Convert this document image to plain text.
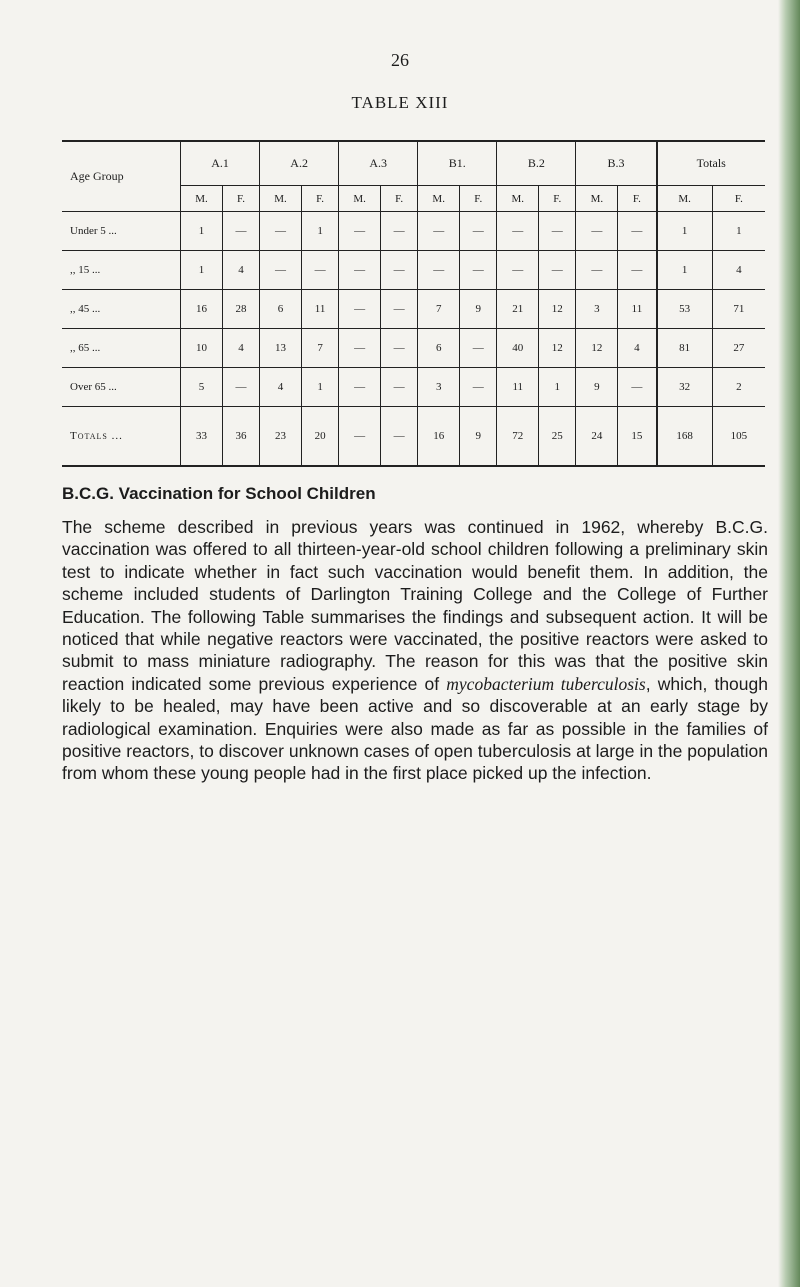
26
TABLE XIII
Age Group	A.1		A.2		A.3		B1.		B.2		B.3		Totals	
	M.	F.	M.	F.	M.	F.	M.	F.	M.	F.	M.	F.	M.	F.
Under 5 ...	1	—	—	1	—	—	—	—	—	—	—	—	1	1
,, 15 ...	1	4	—	—	—	—	—	—	—	—	—	—	1	4
,, 45 ...	16	28	6	11	—	—	7	9	21	12	3	11	53	71
,, 65 ...	10	4	13	7	—	—	6	—	40	12	12	4	81	27
Over 65 ...	5	—	4	1	—	—	3	—	11	1	9	—	32	2
Totals ...	33	36	23	20	—	—	16	9	72	25	24	15	168	105
B.C.G. Vaccination for School Children
The scheme described in previous years was continued in 1962, whereby B.C.G. vaccination was offered to all thirteen-year-old school children following a preliminary skin test to indicate whether in fact such vaccination would benefit them. In addition, the scheme included students of Darlington Training College and the College of Further Education. The following Table summarises the findings and subsequent action. It will be noticed that while negative reactors were vaccinated, the positive reactors were asked to submit to mass miniature radiography. The reason for this was that the positive skin reaction indicated some previous experience of mycobacterium tuberculosis, which, though likely to be healed, may have been active and so discoverable at an early stage by radiological examination. Enquiries were also made as far as possible in the families of positive reactors, to discover unknown cases of open tuberculosis at large in the population from whom these young people had in the first place picked up the infection.
